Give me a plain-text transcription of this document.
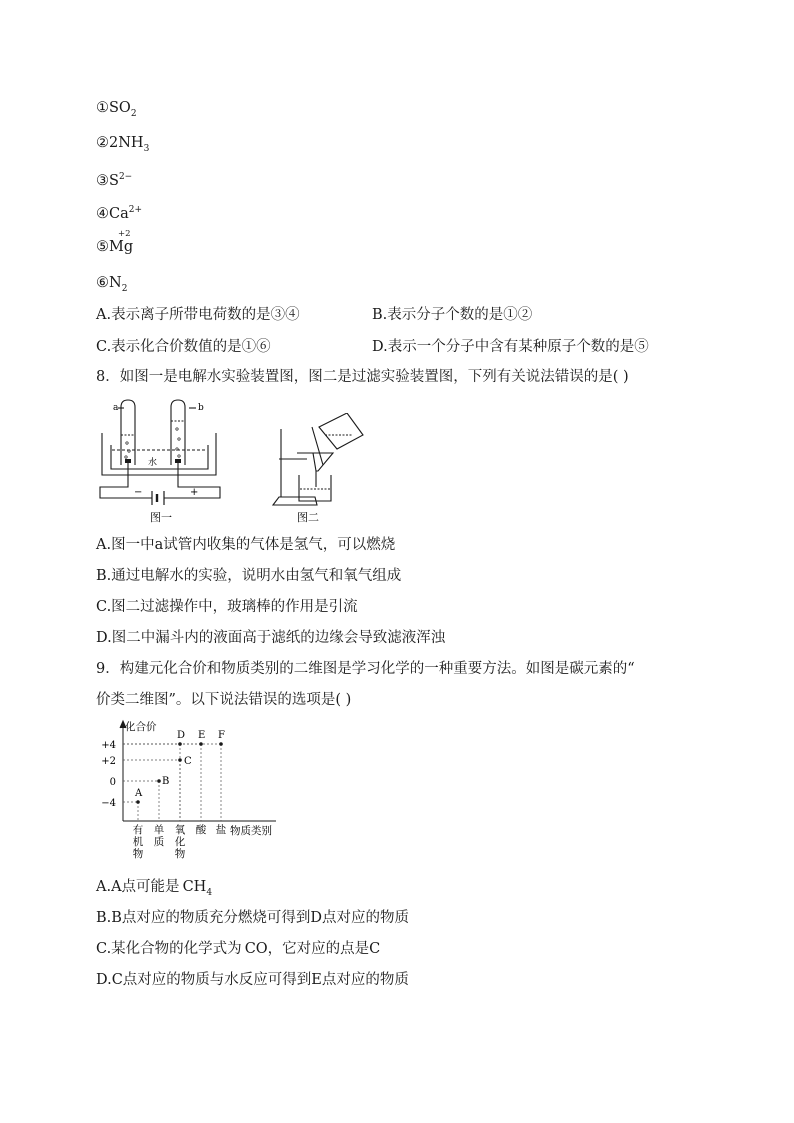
$①SO_2$
$②2NH_3$
$③S^{2-}$
$④Ca^{2+}$
⑤Mg
+2
$⑥N_2$
A.表示离子所带电荷数的是③④	B.表示分子个数的是①②
C.表示化合价数值的是①⑥	D.表示一个分子中含有某种原子个数的是⑤
8．如图一是电解水实验装置图，图二是过滤实验装置图，下列有关说法错误的是( )
a	b
水
−	+
图一	图二
A.图一中a试管内收集的气体是氢气，可以燃烧
B.通过电解水的实验，说明水由氢气和氧气组成
C.图二过滤操作中，玻璃棒的作用是引流
D.图二中漏斗内的液面高于滤纸的边缘会导致滤液浑浊
9．构建元化合价和物质类别的二维图是学习化学的一种重要方法。如图是碳元素的“
价类二维图”。以下说法错误的选项是( )
化合价
物质类别
+4
+2
0
−4
有
机
物
单
质
氧
化
物
酸 盐
A
B
C
D E F
A.A点可能是 $CH_4$
B.B点对应的物质充分燃烧可得到D点对应的物质
C.某化合物的化学式为 CO，它对应的点是C
D.C点对应的物质与水反应可得到E点对应的物质
